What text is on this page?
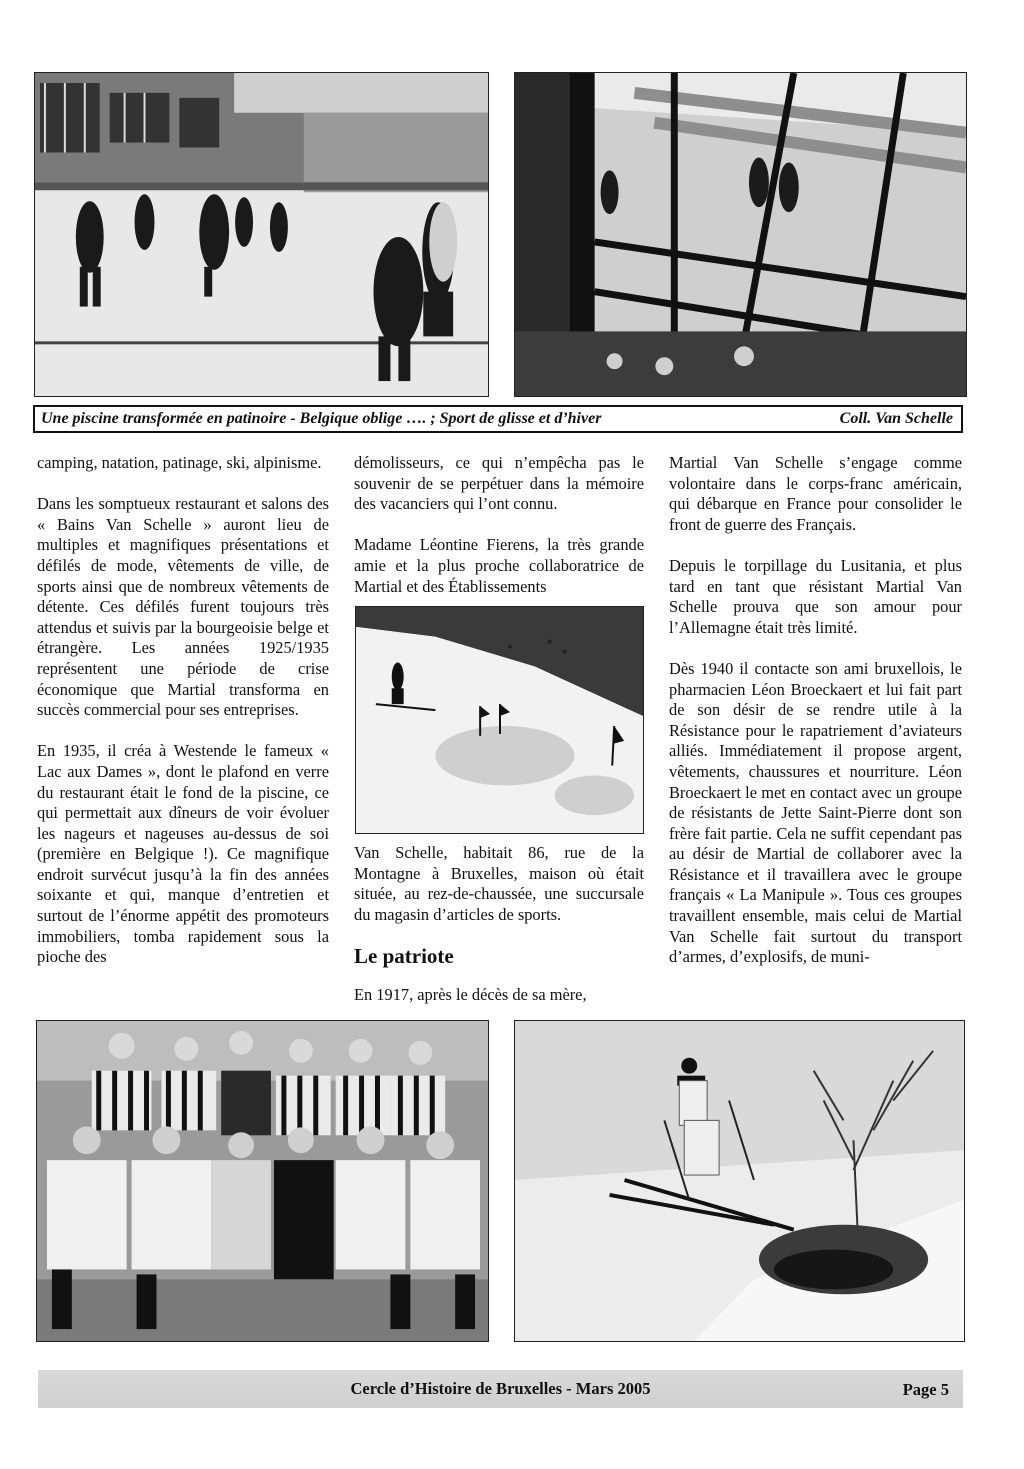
Une piscine transformée en patinoire - Belgique oblige …. ; Sport de glisse et d’hiver	Coll. Van Schelle

camping, natation, patinage, ski, alpinisme.

Dans les somptueux restaurant et salons des « Bains Van Schelle » auront lieu de multiples et magnifiques présentations et défilés de mode, vêtements de ville, de sports ainsi que de nombreux vêtements de détente. Ces défilés furent toujours très attendus et suivis par la bourgeoisie belge et étrangère. Les années 1925/1935 représentent une période de crise économique que Martial transforma en succès commercial pour ses entreprises.

En 1935, il créa à Westende le fameux « Lac aux Dames », dont le plafond en verre du restaurant était le fond de la piscine, ce qui permettait aux dîneurs de voir évoluer les nageurs et nageuses au-dessus de soi (première en Belgique !). Ce magnifique endroit survécut jusqu’à la fin des années soixante et qui, manque d’entretien et surtout de l’énorme appétit des promoteurs immobiliers, tomba rapidement sous la pioche des

démolisseurs, ce qui n’empêcha pas le souvenir de se perpétuer dans la mémoire des vacanciers qui l’ont connu.

Madame Léontine Fierens, la très grande amie et la plus proche collaboratrice de Martial et des Établissements

Van Schelle, habitait 86, rue de la Montagne à Bruxelles, maison où était située, au rez-de-chaussée, une succursale du magasin d’articles de sports.

Le patriote

En 1917, après le décès de sa mère,

Martial Van Schelle s’engage comme volontaire dans le corps-franc américain, qui débarque en France pour consolider le front de guerre des Français.

Depuis le torpillage du Lusitania, et plus tard en tant que résistant Martial Van Schelle prouva que son amour pour l’Allemagne était très limité.

Dès 1940 il contacte son ami bruxellois, le pharmacien Léon Broeckaert et lui fait part de son désir de se rendre utile à la Résistance pour le rapatriement d’aviateurs alliés. Immédiatement il propose argent, vêtements, chaussures et nourriture. Léon Broeckaert le met en contact avec un groupe de résistants de Jette Saint-Pierre dont son frère fait partie. Cela ne suffit cependant pas au désir de Martial de collaborer avec la Résistance et il travaillera avec le groupe français « La Manipule ». Tous ces groupes travaillent ensemble, mais celui de Martial Van Schelle fait surtout du transport d’armes, d’explosifs, de muni-

Cercle d’Histoire de Bruxelles - Mars 2005	Page 5
